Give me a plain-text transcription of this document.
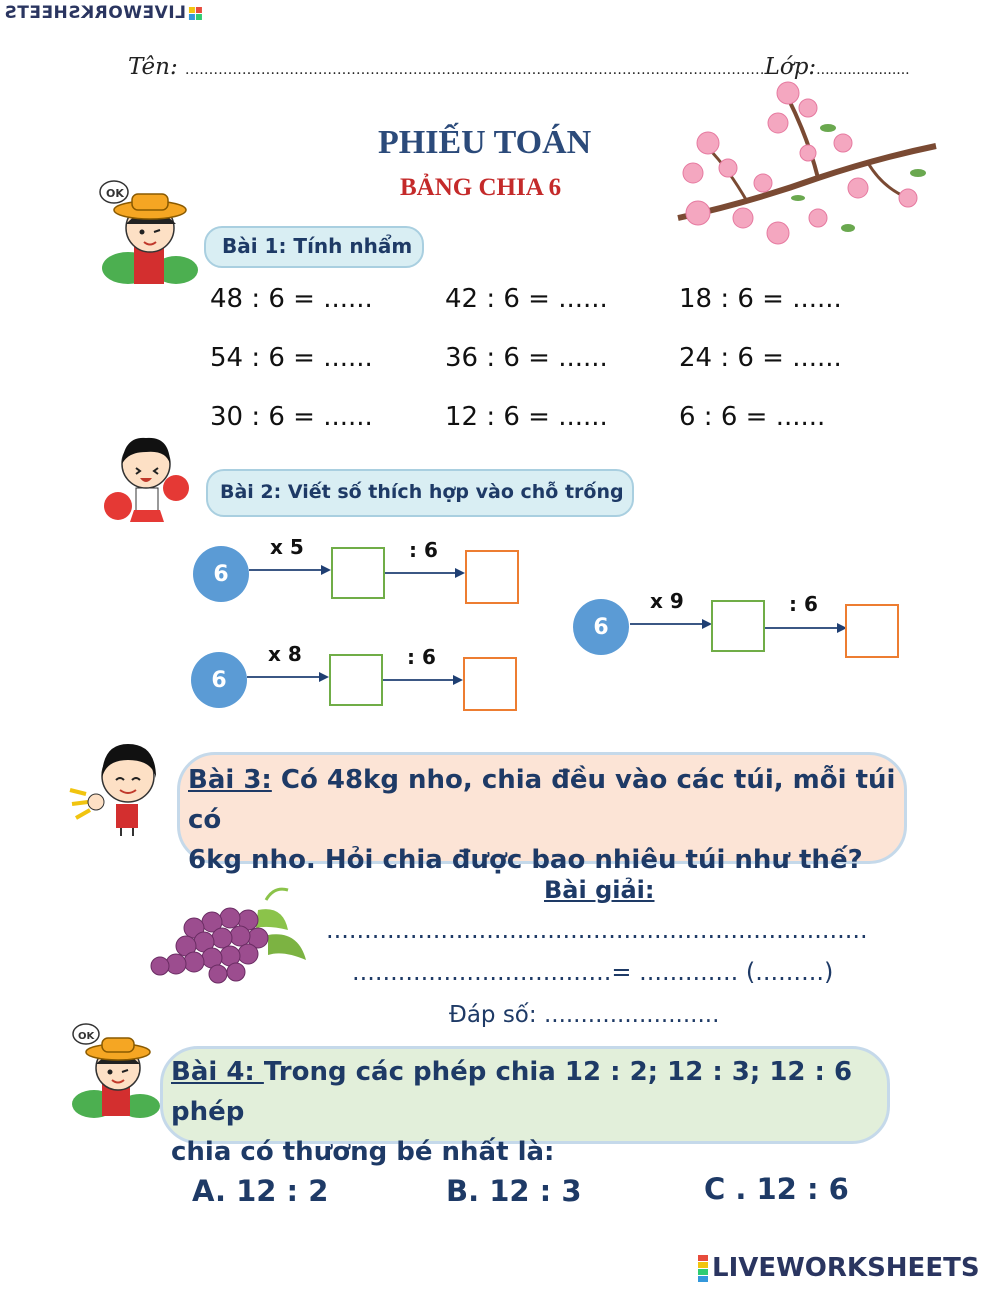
LIVEWORKSHEETS
Tên: ..........................................................................................................................Lớp:.....................
PHIẾU TOÁN
BẢNG CHIA 6
OK
Bài 1: Tính nhẩm
48 : 6 = ......	42 : 6 = ......	18 : 6 = ......
54 : 6 = ......	36 : 6 = ......	24 : 6 = ......
30 : 6 = ......	12 : 6 = ......	6 : 6 = ......
Bài 2: Viết số thích hợp vào chỗ trống
6
x 5	: 6
6
x 8	: 6
6
x 9	: 6
Bài 3: Có 48kg nho, chia đều vào các túi, mỗi túi có
6kg nho. Hỏi chia được bao nhiêu túi như thế?
Bài giải:
.......................................................................
..................................= ............. (.........)
Đáp số: ........................
OK
Bài 4: Trong các phép chia 12 : 2; 12 : 3; 12 : 6 phép
chia có thương bé nhất là:
A. 12 : 2	B. 12 : 3	C . 12 : 6
LIVEWORKSHEETS
